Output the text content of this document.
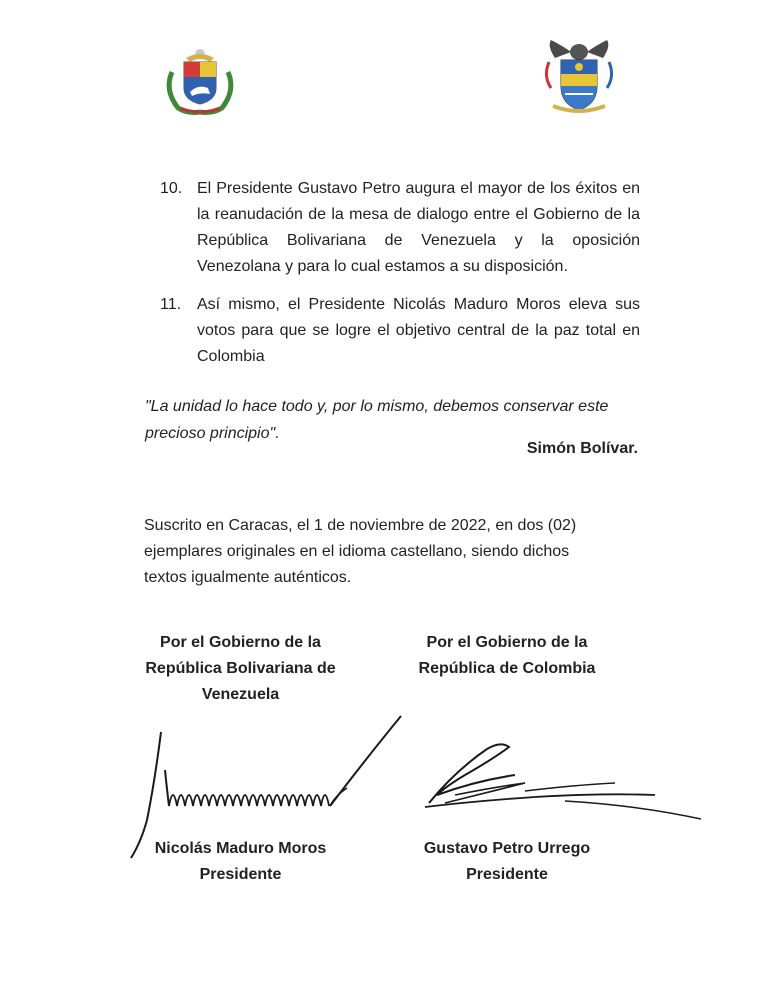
10. El Presidente Gustavo Petro augura el mayor de los éxitos en la reanudación de la mesa de dialogo entre el Gobierno de la República Bolivariana de Venezuela y la oposición Venezolana y para lo cual estamos a su disposición.
11. Así mismo, el Presidente Nicolás Maduro Moros eleva sus votos para que se logre el objetivo central de la paz total en Colombia
"La unidad lo hace todo y, por lo mismo, debemos conservar este precioso principio".
Simón Bolívar.
Suscrito en Caracas, el 1 de noviembre de 2022, en dos (02) ejemplares originales en el idioma castellano, siendo dichos textos igualmente auténticos.
Por el Gobierno de la
República Bolivariana de
Venezuela
Por el Gobierno de la
República de Colombia
Nicolás Maduro Moros
Presidente
Gustavo Petro Urrego
Presidente
